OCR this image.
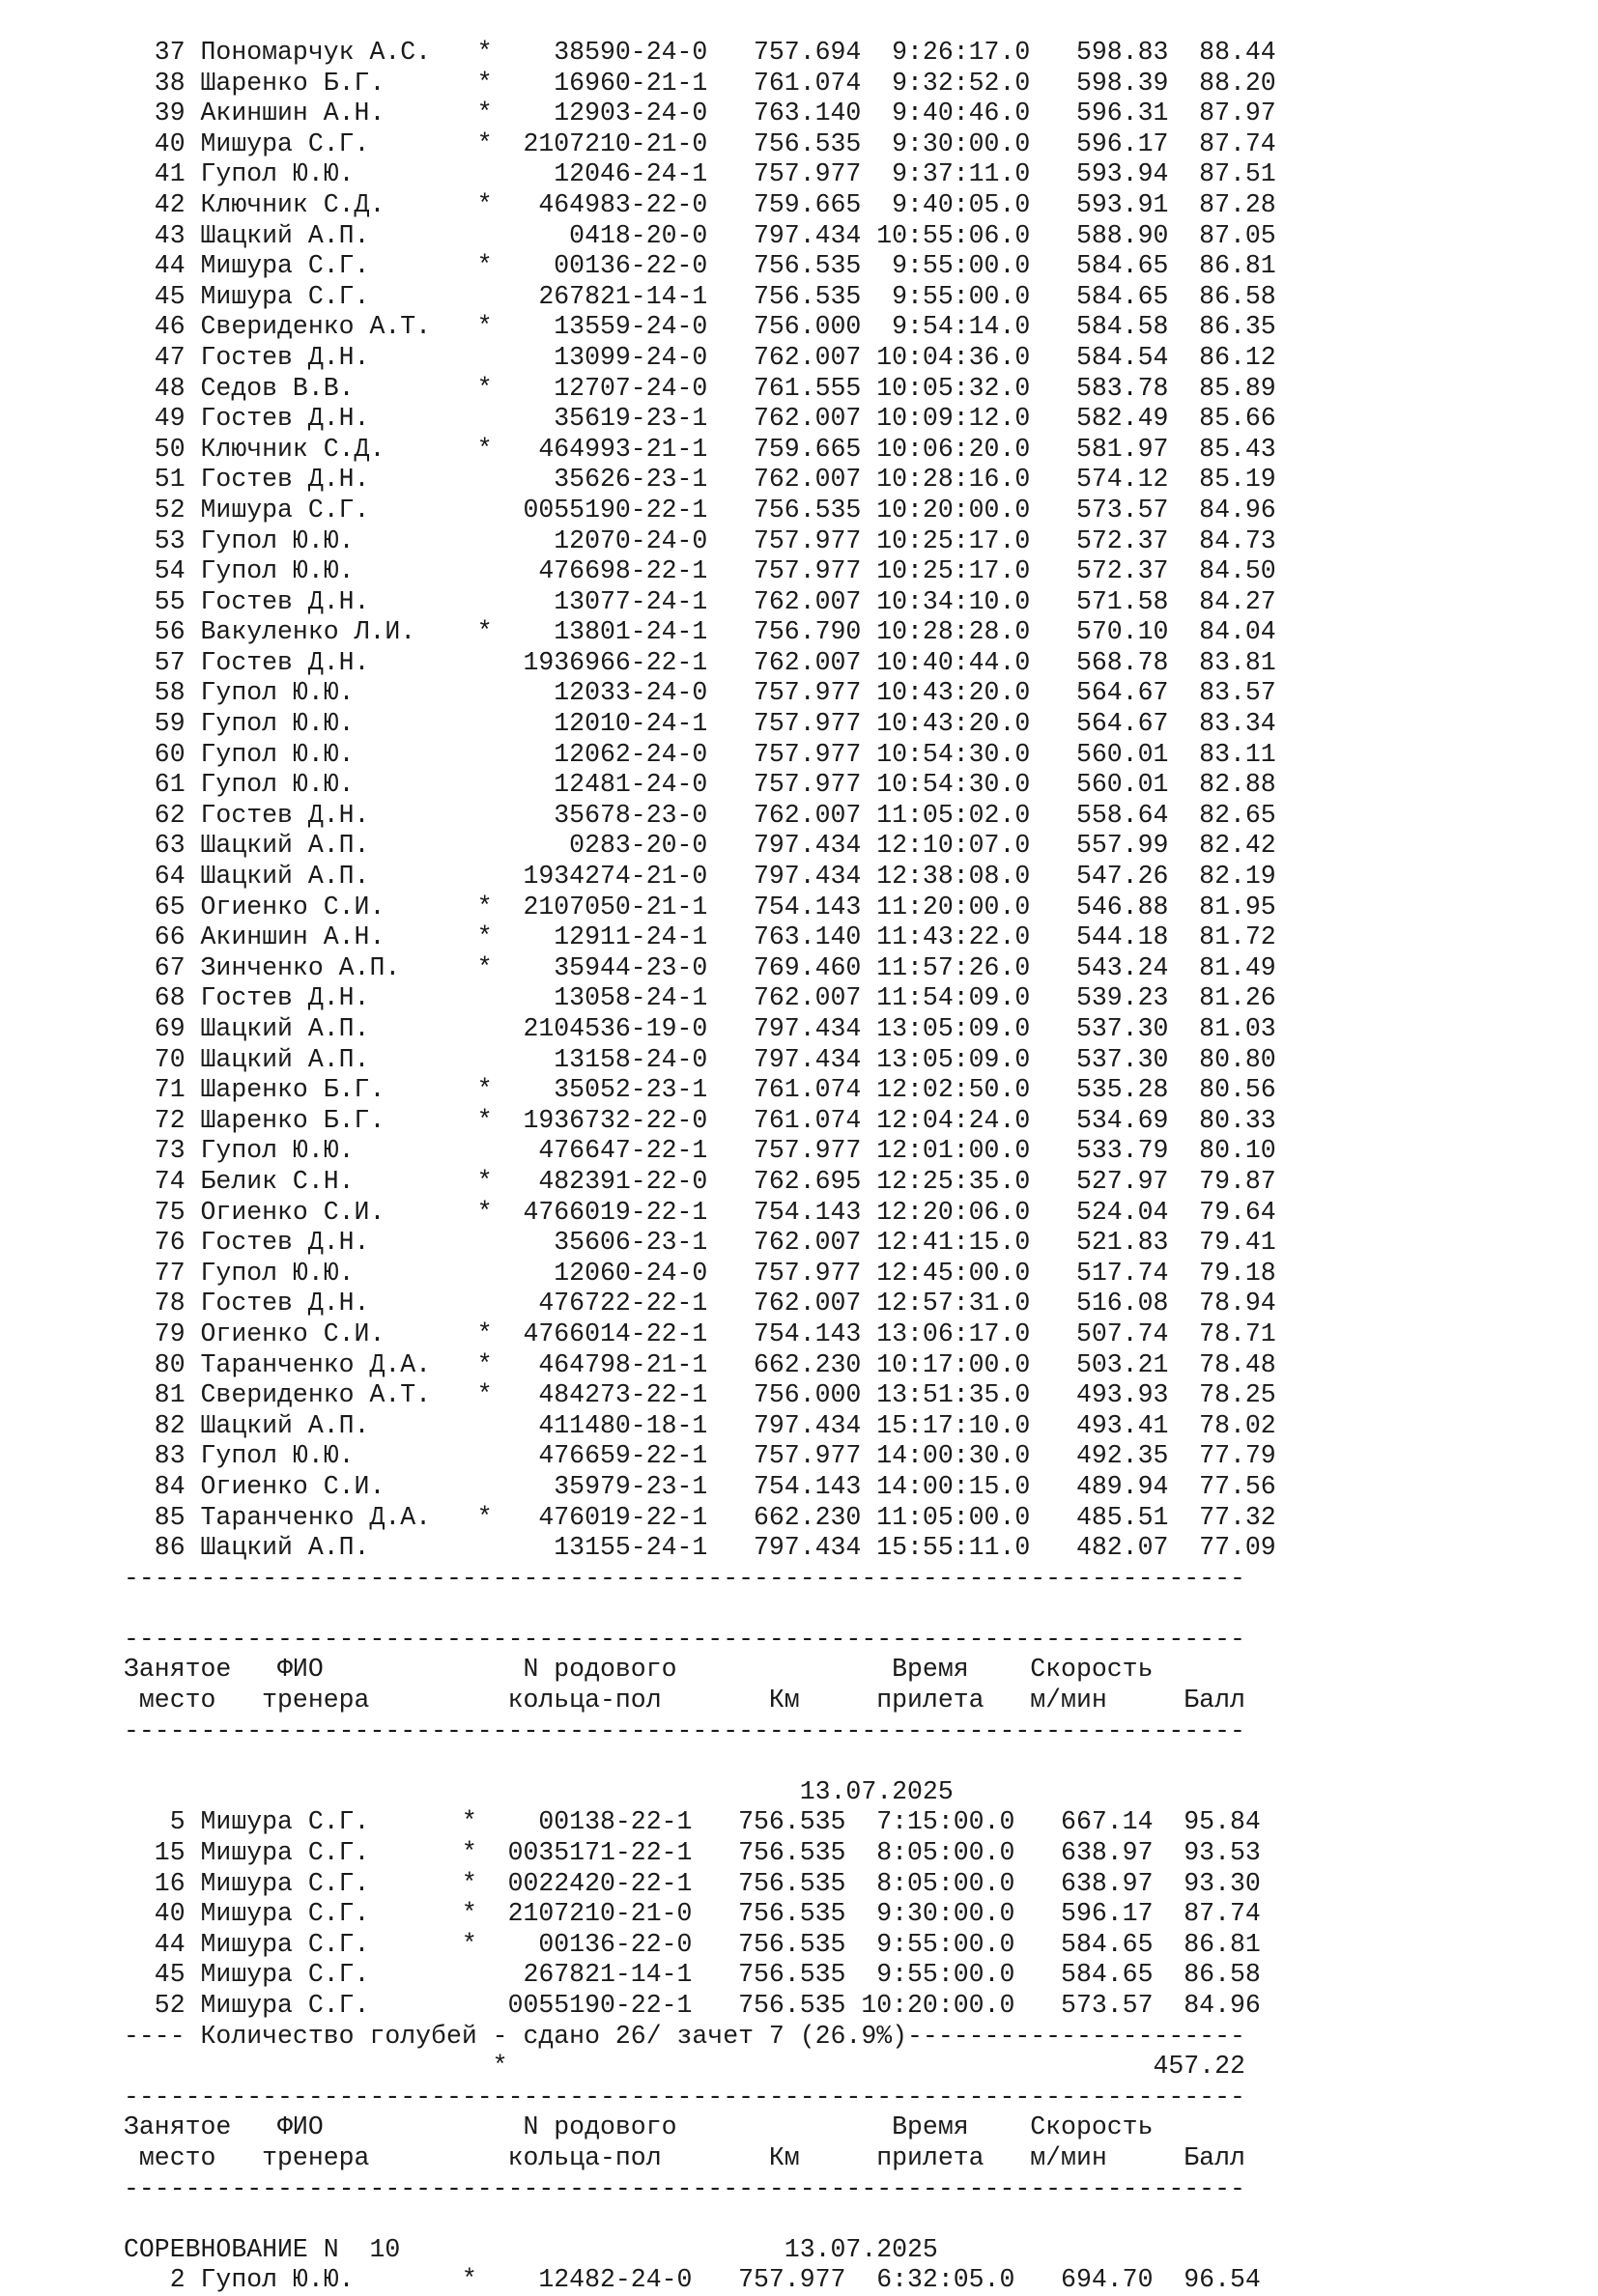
37 Пономарчук А.С.   *    38590-24-0   757.694  9:26:17.0   598.83  88.44
38 Шаренко Б.Г.      *    16960-21-1   761.074  9:32:52.0   598.39  88.20
39 Акиншин А.Н.      *    12903-24-0   763.140  9:40:46.0   596.31  87.97
40 Мишура С.Г.       *  2107210-21-0   756.535  9:30:00.0   596.17  87.74
41 Гупол Ю.Ю.             12046-24-1   757.977  9:37:11.0   593.94  87.51
42 Ключник С.Д.      *   464983-22-0   759.665  9:40:05.0   593.91  87.28
43 Шацкий А.П.             0418-20-0   797.434 10:55:06.0   588.90  87.05
44 Мишура С.Г.       *    00136-22-0   756.535  9:55:00.0   584.65  86.81
45 Мишура С.Г.           267821-14-1   756.535  9:55:00.0   584.65  86.58
46 Свериденко А.Т.   *    13559-24-0   756.000  9:54:14.0   584.58  86.35
47 Гостев Д.Н.            13099-24-0   762.007 10:04:36.0   584.54  86.12
48 Седов В.В.        *    12707-24-0   761.555 10:05:32.0   583.78  85.89
49 Гостев Д.Н.            35619-23-1   762.007 10:09:12.0   582.49  85.66
50 Ключник С.Д.      *   464993-21-1   759.665 10:06:20.0   581.97  85.43
51 Гостев Д.Н.            35626-23-1   762.007 10:28:16.0   574.12  85.19
52 Мишура С.Г.          0055190-22-1   756.535 10:20:00.0   573.57  84.96
53 Гупол Ю.Ю.             12070-24-0   757.977 10:25:17.0   572.37  84.73
54 Гупол Ю.Ю.            476698-22-1   757.977 10:25:17.0   572.37  84.50
55 Гостев Д.Н.            13077-24-1   762.007 10:34:10.0   571.58  84.27
56 Вакуленко Л.И.    *    13801-24-1   756.790 10:28:28.0   570.10  84.04
57 Гостев Д.Н.          1936966-22-1   762.007 10:40:44.0   568.78  83.81
58 Гупол Ю.Ю.             12033-24-0   757.977 10:43:20.0   564.67  83.57
59 Гупол Ю.Ю.             12010-24-1   757.977 10:43:20.0   564.67  83.34
60 Гупол Ю.Ю.             12062-24-0   757.977 10:54:30.0   560.01  83.11
61 Гупол Ю.Ю.             12481-24-0   757.977 10:54:30.0   560.01  82.88
62 Гостев Д.Н.            35678-23-0   762.007 11:05:02.0   558.64  82.65
63 Шацкий А.П.             0283-20-0   797.434 12:10:07.0   557.99  82.42
64 Шацкий А.П.          1934274-21-0   797.434 12:38:08.0   547.26  82.19
65 Огиенко С.И.      *  2107050-21-1   754.143 11:20:00.0   546.88  81.95
66 Акиншин А.Н.      *    12911-24-1   763.140 11:43:22.0   544.18  81.72
67 Зинченко А.П.     *    35944-23-0   769.460 11:57:26.0   543.24  81.49
68 Гостев Д.Н.            13058-24-1   762.007 11:54:09.0   539.23  81.26
69 Шацкий А.П.          2104536-19-0   797.434 13:05:09.0   537.30  81.03
70 Шацкий А.П.            13158-24-0   797.434 13:05:09.0   537.30  80.80
71 Шаренко Б.Г.      *    35052-23-1   761.074 12:02:50.0   535.28  80.56
72 Шаренко Б.Г.      *  1936732-22-0   761.074 12:04:24.0   534.69  80.33
73 Гупол Ю.Ю.            476647-22-1   757.977 12:01:00.0   533.79  80.10
74 Белик С.Н.        *   482391-22-0   762.695 12:25:35.0   527.97  79.87
75 Огиенко С.И.      *  4766019-22-1   754.143 12:20:06.0   524.04  79.64
76 Гостев Д.Н.            35606-23-1   762.007 12:41:15.0   521.83  79.41
77 Гупол Ю.Ю.             12060-24-0   757.977 12:45:00.0   517.74  79.18
78 Гостев Д.Н.           476722-22-1   762.007 12:57:31.0   516.08  78.94
79 Огиенко С.И.      *  4766014-22-1   754.143 13:06:17.0   507.74  78.71
80 Таранченко Д.А.   *   464798-21-1   662.230 10:17:00.0   503.21  78.48
81 Свериденко А.Т.   *   484273-22-1   756.000 13:51:35.0   493.93  78.25
82 Шацкий А.П.           411480-18-1   797.434 15:17:10.0   493.41  78.02
83 Гупол Ю.Ю.            476659-22-1   757.977 14:00:30.0   492.35  77.79
84 Огиенко С.И.           35979-23-1   754.143 14:00:15.0   489.94  77.56
85 Таранченко Д.А.   *   476019-22-1   662.230 11:05:00.0   485.51  77.32
86 Шацкий А.П.            13155-24-1   797.434 15:55:11.0   482.07  77.09
-------------------------------------------------------------------------

-------------------------------------------------------------------------
Занятое   ФИО             N родового              Время    Скорость
место   тренера         кольца-пол       Км     прилета   м/мин     Балл
-------------------------------------------------------------------------

13.07.2025
5 Мишура С.Г.      *    00138-22-1   756.535  7:15:00.0   667.14  95.84
15 Мишура С.Г.      *  0035171-22-1   756.535  8:05:00.0   638.97  93.53
16 Мишура С.Г.      *  0022420-22-1   756.535  8:05:00.0   638.97  93.30
40 Мишура С.Г.      *  2107210-21-0   756.535  9:30:00.0   596.17  87.74
44 Мишура С.Г.      *    00136-22-0   756.535  9:55:00.0   584.65  86.81
45 Мишура С.Г.          267821-14-1   756.535  9:55:00.0   584.65  86.58
52 Мишура С.Г.         0055190-22-1   756.535 10:20:00.0   573.57  84.96
---- Количество голубей - сдано 26/ зачет 7 (26.9%)----------------------
*                                          457.22
-------------------------------------------------------------------------
Занятое   ФИО             N родового              Время    Скорость
место   тренера         кольца-пол       Км     прилета   м/мин     Балл
-------------------------------------------------------------------------

СОРЕВНОВАНИЕ N  10                         13.07.2025
2 Гупол Ю.Ю.       *    12482-24-0   757.977  6:32:05.0   694.70  96.54
